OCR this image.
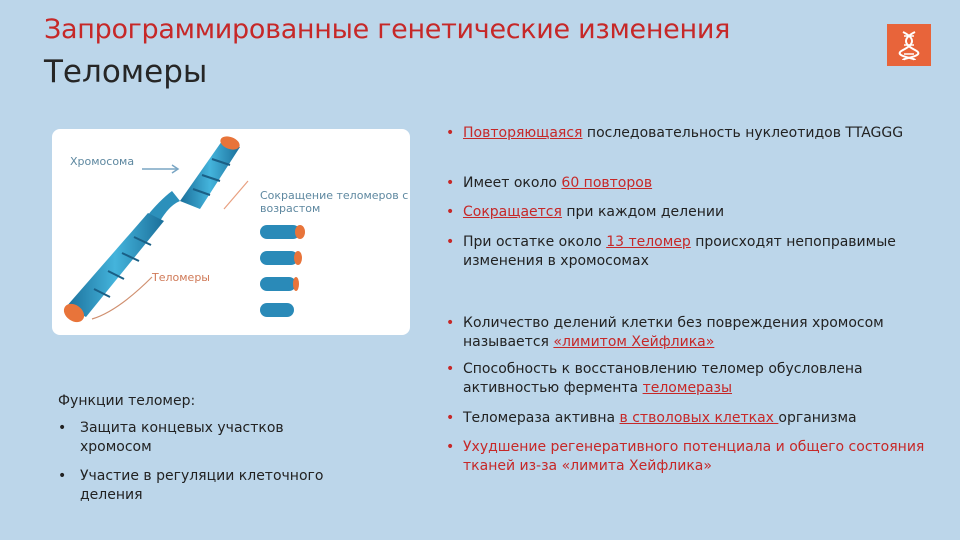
Запрограммированные генетические изменения
Теломеры
Хромосома
Сокращение теломеров с возрастом
Теломеры
• Повторяющаяся последовательность нуклеотидов TTAGGG
• Имеет около 60 повторов
• Сокращается при каждом делении
• При остатке около 13 теломер происходят непоправимые изменения в хромосомах
• Количество делений клетки без повреждения хромосом называется «лимитом Хейфлика»
• Способность к восстановлению теломер обусловлена активностью фермента теломеразы
• Теломераза активна в стволовых клетках организма
• Ухудшение регенеративного потенциала и общего состояния тканей из-за «лимита Хейфлика»
Функции теломер:
• Защита концевых участков хромосом
• Участие в регуляции клеточного деления
